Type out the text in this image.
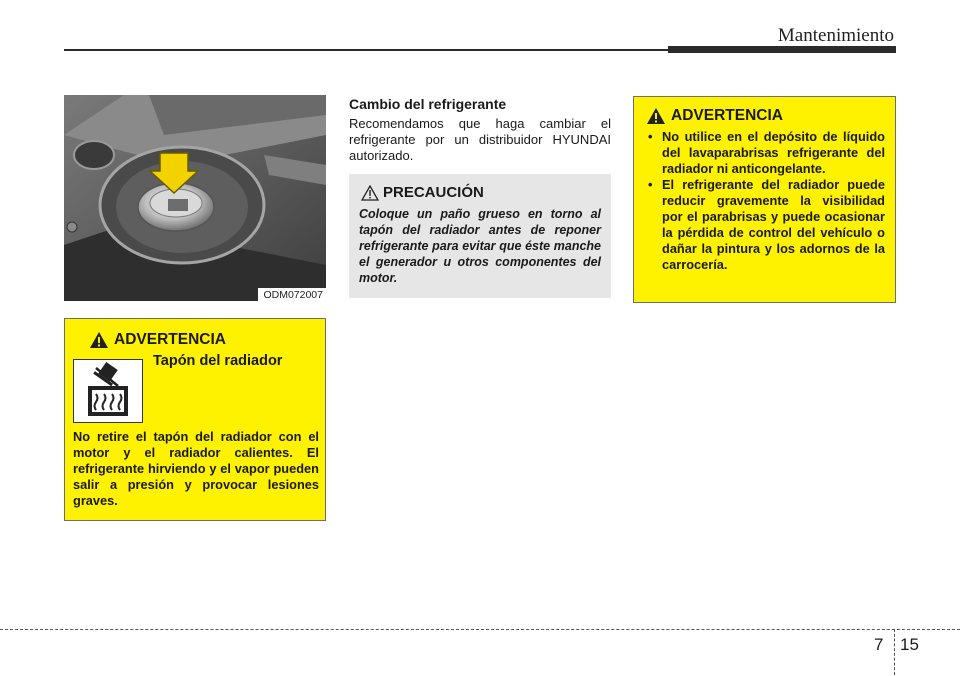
Mantenimiento
ODM072007
Cambio del refrigerante

Recomendamos que haga cambiar el refrigerante por un distribuidor HYUNDAI autorizado.

PRECAUCIÓN

Coloque un paño grueso en torno al tapón del radiador antes de reponer refrigerante para evitar que éste manche el generador u otros componentes del motor.

ADVERTENCIA
• No utilice en el depósito de líquido del lavaparabrisas refrigerante del radiador ni anticongelante.
• El refrigerante del radiador puede reducir gravemente la visibilidad por el parabrisas y puede ocasionar la pérdida de control del vehículo o dañar la pintura y los adornos de la carrocería.
ADVERTENCIA
Tapón del radiador

No retire el tapón del radiador con el motor y el radiador calientes. El refrigerante hirviendo y el vapor pueden salir a presión y provocar lesiones graves.

7 15
